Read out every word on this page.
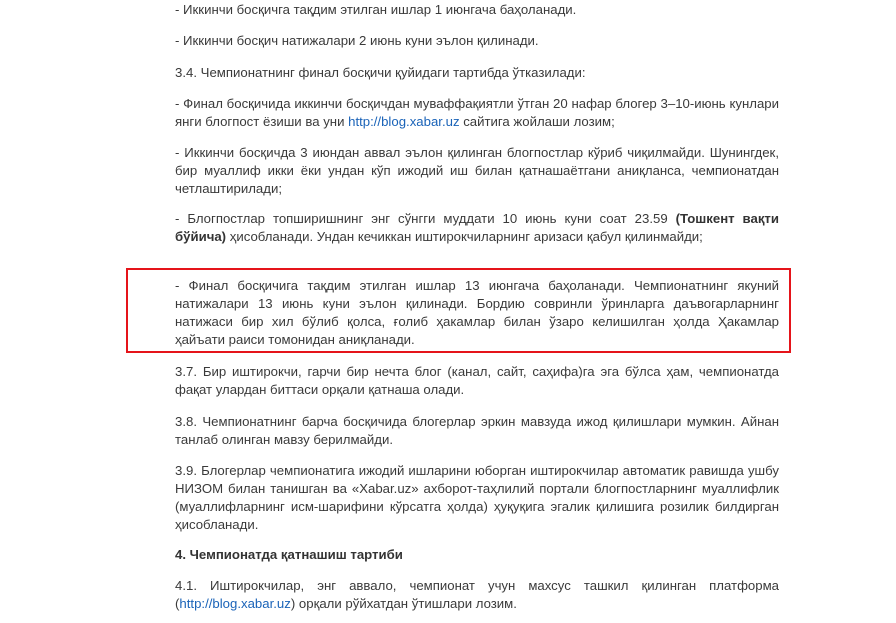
- Иккинчи босқичга тақдим этилган ишлар 1 июнгача баҳоланади.

- Иккинчи босқич натижалари 2 июнь куни эълон қилинади.

3.4. Чемпионатнинг финал босқичи қуйидаги тартибда ўтказилади:

- Финал босқичида иккинчи босқичдан муваффақиятли ўтган 20 нафар блогер 3–10-июнь кунлари янги блогпост ёзиши ва уни http://blog.xabar.uz сайтига жойлаши лозим;

- Иккинчи босқичда 3 июндан аввал эълон қилинган блогпостлар кўриб чиқилмайди. Шунингдек, бир муаллиф икки ёки ундан кўп ижодий иш билан қатнашаётгани аниқланса, чемпионатдан четлаштирилади;

- Блогпостлар топширишнинг энг сўнгги муддати 10 июнь куни соат 23.59 (Тошкент вақти бўйича) ҳисобланади. Ундан кечиккан иштирокчиларнинг аризаси қабул қилинмайди;

- Финал босқичига тақдим этилган ишлар 13 июнгача баҳоланади. Чемпионатнинг якуний натижалари 13 июнь куни эълон қилинади. Бордию совринли ўринларга даъвогарларнинг натижаси бир хил бўлиб қолса, ғолиб ҳакамлар билан ўзаро келишилган ҳолда Ҳакамлар ҳайъати раиси томонидан аниқланади.

3.7. Бир иштирокчи, гарчи бир нечта блог (канал, сайт, саҳифа)га эга бўлса ҳам, чемпионатда фақат улардан биттаси орқали қатнаша олади.

3.8. Чемпионатнинг барча босқичида блогерлар эркин мавзуда ижод қилишлари мумкин. Айнан танлаб олинган мавзу берилмайди.

3.9. Блогерлар чемпионатига ижодий ишларини юборган иштирокчилар автоматик равишда ушбу НИЗОМ билан танишган ва «Xabar.uz» ахборот-таҳлилий портали блогпостларнинг муаллифлик (муаллифларнинг исм-шарифини кўрсатга ҳолда) ҳуқуқига эгалик қилишига розилик билдирган ҳисобланади.

4. Чемпионатда қатнашиш тартиби

4.1. Иштирокчилар, энг аввало, чемпионат учун махсус ташкил қилинган платформа (http://blog.xabar.uz) орқали рўйхатдан ўтишлари лозим.
